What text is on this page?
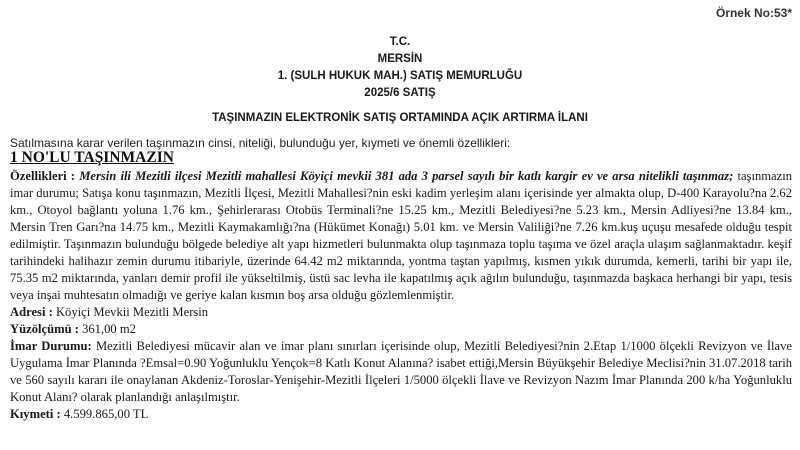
Örnek No:53*
T.C.
MERSİN
1. (SULH HUKUK MAH.) SATIŞ MEMURLUĞU
2025/6 SATIŞ
TAŞINMAZIN ELEKTRONİK SATIŞ ORTAMINDA AÇIK ARTIRMA İLANI
Satılmasına karar verilen taşınmazın cinsi, niteliği, bulunduğu yer, kıymeti ve önemli özellikleri:
1 NO'LU TAŞINMAZIN

Özellikleri : Mersin ili Mezitli ilçesi Mezitli mahallesi Köyiçi mevkii 381 ada 3 parsel sayılı bir katlı kargir ev ve arsa nitelikli taşınmaz; taşınmazın imar durumu; Satışa konu taşınmazın, Mezitli İlçesi, Mezitli Mahallesi?nin eski kadim yerleşim alanı içerisinde yer almakta olup, D-400 Karayolu?na 2.62 km., Otoyol bağlantı yoluna 1.76 km., Şehirlerarası Otobüs Terminali?ne 15.25 km., Mezitli Belediyesi?ne 5.23 km., Mersin Adliyesi?ne 13.84 km., Mersin Tren Garı?na 14.75 km., Mezitli Kaymakamlığı?na (Hükümet Konağı) 5.01 km. ve Mersin Valiliği?ne 7.26 km.kuş uçuşu mesafede olduğu tespit edilmiştir. Taşınmazın bulunduğu bölgede belediye alt yapı hizmetleri bulunmakta olup taşınmaza toplu taşıma ve özel araçla ulaşım sağlanmaktadır. keşif tarihindeki halihazır zemin durumu itibariyle, üzerinde 64.42 m2 miktarında, yontma taştan yapılmış, kısmen yıkık durumda, kemerli, tarihi bir yapı ile, 75.35 m2 miktarında, yanları demir profil ile yükseltilmiş, üstü sac levha ile kapatılmış açık ağılın bulunduğu, taşınmazda başkaca herhangi bir yapı, tesis veya inşai muhtesatın olmadığı ve geriye kalan kısmın boş arsa olduğu gözlemlenmiştir.

Adresi : Köyiçi Mevkii Mezitli Mersin

Yüzölçümü : 361,00 m2

İmar Durumu: Mezitli Belediyesi mücavir alan ve imar planı sınırları içerisinde olup, Mezitli Belediyesi?nin 2.Etap 1/1000 ölçekli Revizyon ve İlave Uygulama İmar Planında ?Emsal=0.90 Yoğunluklu Yençok=8 Katlı Konut Alanına? isabet ettiği,Mersin Büyükşehir Belediye Meclisi?nin 31.07.2018 tarih ve 560 sayılı kararı ile onaylanan Akdeniz-Toroslar-Yenişehir-Mezitli İlçeleri 1/5000 ölçekli İlave ve Revizyon Nazım İmar Planında 200 k/ha Yoğunluklu Konut Alanı? olarak planlandığı anlaşılmıştır.

Kıymeti : 4.599.865,00 TL
